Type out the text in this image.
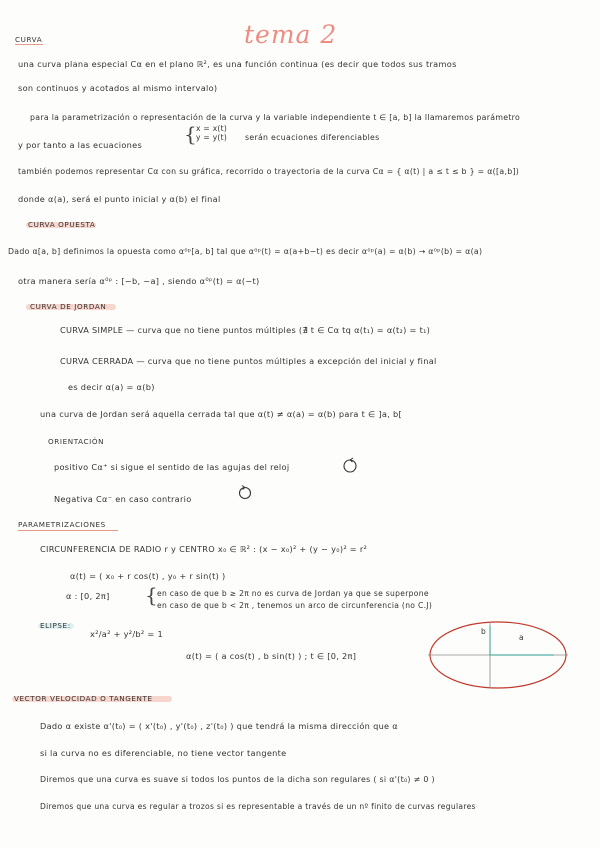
tema 2
CURVA
una curva plana especial Cα en el plano ℝ², es una función continua (es decir que todos sus tramos
son continuos y acotados al mismo intervalo)
para la parametrización o representación de la curva y la variable independiente t ∈ [a, b] la llamaremos parámetro
y por tanto a las ecuaciones { x = x(t)
y = y(t) serán ecuaciones diferenciables
también podemos representar Cα con su gráfica, recorrido o trayectoria de la curva Cα = { α(t) | a ≤ t ≤ b } = α([a,b])
donde α(a), será el punto inicial y α(b) el final
CURVA OPUESTA
Dado α[a, b] definimos la opuesta como α⁰ᵖ[a, b] tal que α⁰ᵖ(t) = α(a+b−t) es decir α⁰ᵖ(a) = α(b) → α⁰ᵖ(b) = α(a)
otra manera sería α⁰ᵖ : [−b, −a] , siendo α⁰ᵖ(t) = α(−t)
CURVA DE JORDAN
CURVA SIMPLE — curva que no tiene puntos múltiples (∄ t ∈ Cα tq α(t₁) = α(t₂) = t₁)
CURVA CERRADA — curva que no tiene puntos múltiples a excepción del inicial y final
es decir α(a) = α(b)
una curva de Jordan será aquella cerrada tal que α(t) ≠ α(a) = α(b) para t ∈ ]a, b[
ORIENTACIÓN
positivo Cα⁺ si sigue el sentido de las agujas del reloj
Negativa Cα⁻ en caso contrario
PARAMETRIZACIONES
CIRCUNFERENCIA DE RADIO r y CENTRO x₀ ∈ ℝ² : (x − x₀)² + (y − y₀)² = r²
α(t) = ( x₀ + r cos(t) , y₀ + r sin(t) )
α : [0, 2π] { en caso de que b ≥ 2π no es curva de Jordan ya que se superpone
en caso de que b < 2π , tenemos un arco de circunferencia (no C.J)
ELIPSE:
x²/a² + y²/b² = 1
α(t) = ( a cos(t) , b sin(t) ) ; t ∈ [0, 2π]
a
b
VECTOR VELOCIDAD O TANGENTE
Dado α existe α'(t₀) = ( x'(t₀) , y'(t₀) , z'(t₀) ) que tendrá la misma dirección que α
si la curva no es diferenciable, no tiene vector tangente
Diremos que una curva es suave si todos los puntos de la dicha son regulares ( si α'(t₀) ≠ 0 )
Diremos que una curva es regular a trozos si es representable a través de un nº finito de curvas regulares
